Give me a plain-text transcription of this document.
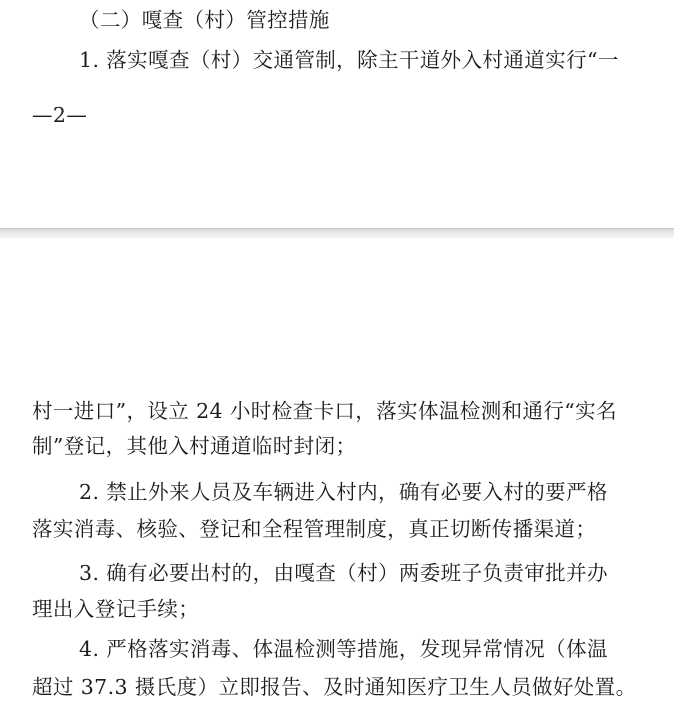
（二）嘎查（村）管控措施
1. 落实嘎查（村）交通管制，除主干道外入村通道实行“一
—2—
村一进口”，设立 24 小时检查卡口，落实体温检测和通行“实名
制”登记，其他入村通道临时封闭；
2. 禁止外来人员及车辆进入村内，确有必要入村的要严格
落实消毒、核验、登记和全程管理制度，真正切断传播渠道；
3. 确有必要出村的，由嘎查（村）两委班子负责审批并办
理出入登记手续；
4. 严格落实消毒、体温检测等措施，发现异常情况（体温
超过 37.3 摄氏度）立即报告、及时通知医疗卫生人员做好处置。
